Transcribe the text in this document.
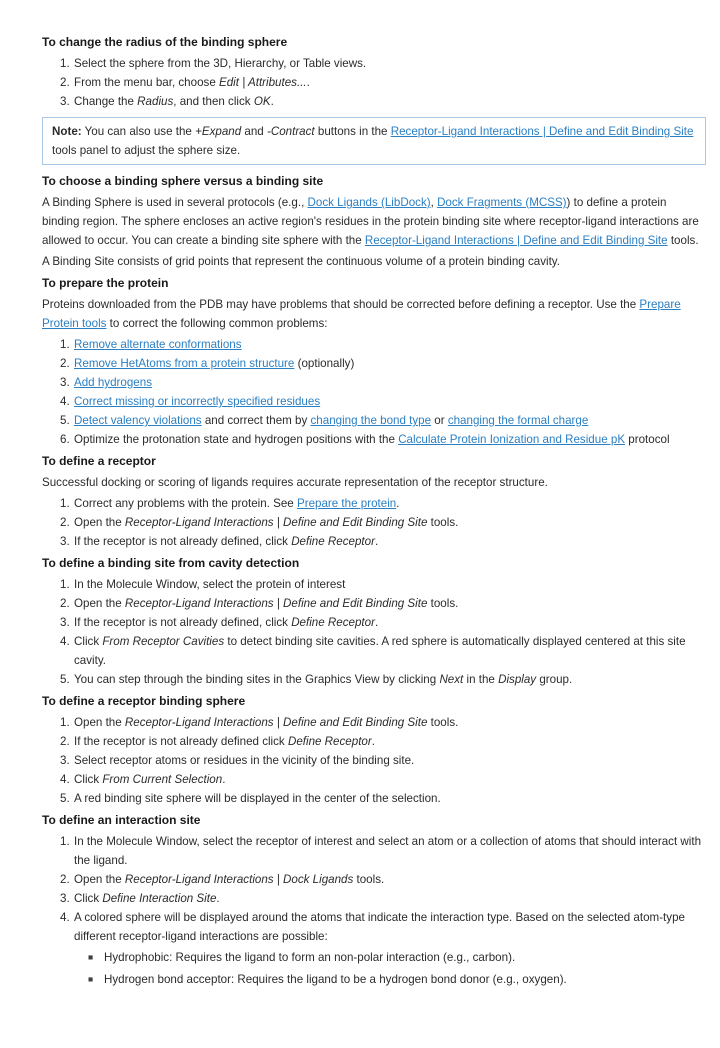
To change the radius of the binding sphere
1. Select the sphere from the 3D, Hierarchy, or Table views.
2. From the menu bar, choose Edit | Attributes....
3. Change the Radius, and then click OK.
Note: You can also use the +Expand and -Contract buttons in the Receptor-Ligand Interactions | Define and Edit Binding Site tools panel to adjust the sphere size.
To choose a binding sphere versus a binding site
A Binding Sphere is used in several protocols (e.g., Dock Ligands (LibDock), Dock Fragments (MCSS)) to define a protein binding region. The sphere encloses an active region's residues in the protein binding site where receptor-ligand interactions are allowed to occur. You can create a binding site sphere with the Receptor-Ligand Interactions | Define and Edit Binding Site tools.
A Binding Site consists of grid points that represent the continuous volume of a protein binding cavity.
To prepare the protein
Proteins downloaded from the PDB may have problems that should be corrected before defining a receptor. Use the Prepare Protein tools to correct the following common problems:
1. Remove alternate conformations
2. Remove HetAtoms from a protein structure (optionally)
3. Add hydrogens
4. Correct missing or incorrectly specified residues
5. Detect valency violations and correct them by changing the bond type or changing the formal charge
6. Optimize the protonation state and hydrogen positions with the Calculate Protein Ionization and Residue pK protocol
To define a receptor
Successful docking or scoring of ligands requires accurate representation of the receptor structure.
1. Correct any problems with the protein. See Prepare the protein.
2. Open the Receptor-Ligand Interactions | Define and Edit Binding Site tools.
3. If the receptor is not already defined, click Define Receptor.
To define a binding site from cavity detection
1. In the Molecule Window, select the protein of interest
2. Open the Receptor-Ligand Interactions | Define and Edit Binding Site tools.
3. If the receptor is not already defined, click Define Receptor.
4. Click From Receptor Cavities to detect binding site cavities. A red sphere is automatically displayed centered at this site cavity.
5. You can step through the binding sites in the Graphics View by clicking Next in the Display group.
To define a receptor binding sphere
1. Open the Receptor-Ligand Interactions | Define and Edit Binding Site tools.
2. If the receptor is not already defined click Define Receptor.
3. Select receptor atoms or residues in the vicinity of the binding site.
4. Click From Current Selection.
5. A red binding site sphere will be displayed in the center of the selection.
To define an interaction site
1. In the Molecule Window, select the receptor of interest and select an atom or a collection of atoms that should interact with the ligand.
2. Open the Receptor-Ligand Interactions | Dock Ligands tools.
3. Click Define Interaction Site.
4. A colored sphere will be displayed around the atoms that indicate the interaction type. Based on the selected atom-type different receptor-ligand interactions are possible:
■ Hydrophobic: Requires the ligand to form an non-polar interaction (e.g., carbon).
■ Hydrogen bond acceptor: Requires the ligand to be a hydrogen bond donor (e.g., oxygen).
